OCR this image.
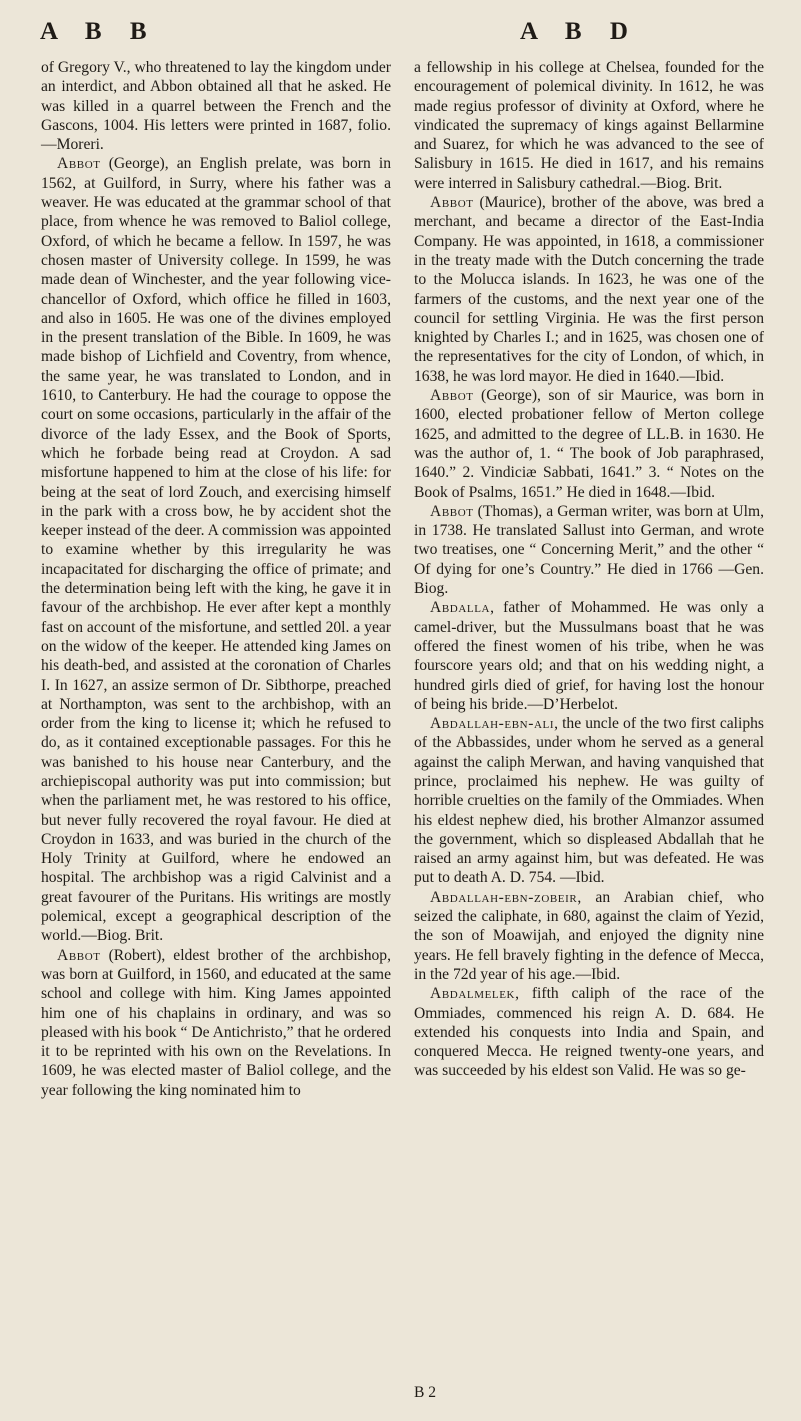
A B B	A B D

of Gregory V., who threatened to lay the kingdom under an interdict, and Abbon obtained all that he asked. He was killed in a quarrel between the French and the Gascons, 1004. His letters were printed in 1687, folio.—Moreri.

Abbot (George), an English prelate, was born in 1562, at Guilford, in Surry, where his father was a weaver. He was educated at the grammar school of that place, from whence he was removed to Baliol college, Oxford, of which he became a fellow. In 1597, he was chosen master of University college. In 1599, he was made dean of Winchester, and the year following vice-chancellor of Oxford, which office he filled in 1603, and also in 1605. He was one of the divines employed in the present translation of the Bible. In 1609, he was made bishop of Lichfield and Coventry, from whence, the same year, he was translated to London, and in 1610, to Canterbury. He had the courage to oppose the court on some occasions, particularly in the affair of the divorce of the lady Essex, and the Book of Sports, which he forbade being read at Croydon. A sad misfortune happened to him at the close of his life: for being at the seat of lord Zouch, and exercising himself in the park with a cross bow, he by accident shot the keeper instead of the deer. A commission was appointed to examine whether by this irregularity he was incapacitated for discharging the office of primate; and the determination being left with the king, he gave it in favour of the archbishop. He ever after kept a monthly fast on account of the misfortune, and settled 20l. a year on the widow of the keeper. He attended king James on his death-bed, and assisted at the coronation of Charles I. In 1627, an assize sermon of Dr. Sibthorpe, preached at Northampton, was sent to the archbishop, with an order from the king to license it; which he refused to do, as it contained exceptionable passages. For this he was banished to his house near Canterbury, and the archiepiscopal authority was put into commission; but when the parliament met, he was restored to his office, but never fully recovered the royal favour. He died at Croydon in 1633, and was buried in the church of the Holy Trinity at Guilford, where he endowed an hospital. The archbishop was a rigid Calvinist and a great favourer of the Puritans. His writings are mostly polemical, except a geographical description of the world.—Biog. Brit.

Abbot (Robert), eldest brother of the archbishop, was born at Guilford, in 1560, and educated at the same school and college with him. King James appointed him one of his chaplains in ordinary, and was so pleased with his book “ De Antichristo,” that he ordered it to be reprinted with his own on the Revelations. In 1609, he was elected master of Baliol college, and the year following the king nominated him to

a fellowship in his college at Chelsea, founded for the encouragement of polemical divinity. In 1612, he was made regius professor of divinity at Oxford, where he vindicated the supremacy of kings against Bellarmine and Suarez, for which he was advanced to the see of Salisbury in 1615. He died in 1617, and his remains were interred in Salisbury cathedral.—Biog. Brit.

Abbot (Maurice), brother of the above, was bred a merchant, and became a director of the East-India Company. He was appointed, in 1618, a commissioner in the treaty made with the Dutch concerning the trade to the Molucca islands. In 1623, he was one of the farmers of the customs, and the next year one of the council for settling Virginia. He was the first person knighted by Charles I.; and in 1625, was chosen one of the representatives for the city of London, of which, in 1638, he was lord mayor. He died in 1640.—Ibid.

Abbot (George), son of sir Maurice, was born in 1600, elected probationer fellow of Merton college 1625, and admitted to the degree of LL.B. in 1630. He was the author of, 1. “ The book of Job paraphrased, 1640.” 2. Vindiciæ Sabbati, 1641.” 3. “ Notes on the Book of Psalms, 1651.” He died in 1648.—Ibid.

Abbot (Thomas), a German writer, was born at Ulm, in 1738. He translated Sallust into German, and wrote two treatises, one “ Concerning Merit,” and the other “ Of dying for one’s Country.” He died in 1766 —Gen. Biog.

Abdalla, father of Mohammed. He was only a camel-driver, but the Mussulmans boast that he was offered the finest women of his tribe, when he was fourscore years old; and that on his wedding night, a hundred girls died of grief, for having lost the honour of being his bride.—D’Herbelot.

Abdallah-ebn-ali, the uncle of the two first caliphs of the Abbassides, under whom he served as a general against the caliph Merwan, and having vanquished that prince, proclaimed his nephew. He was guilty of horrible cruelties on the family of the Ommiades. When his eldest nephew died, his brother Almanzor assumed the government, which so displeased Abdallah that he raised an army against him, but was defeated. He was put to death A. D. 754. —Ibid.

Abdallah-ebn-zobeir, an Arabian chief, who seized the caliphate, in 680, against the claim of Yezid, the son of Moawijah, and enjoyed the dignity nine years. He fell bravely fighting in the defence of Mecca, in the 72d year of his age.—Ibid.

Abdalmelek, fifth caliph of the race of the Ommiades, commenced his reign A. D. 684. He extended his conquests into India and Spain, and conquered Mecca. He reigned twenty-one years, and was succeeded by his eldest son Valid. He was so ge-

B 2
